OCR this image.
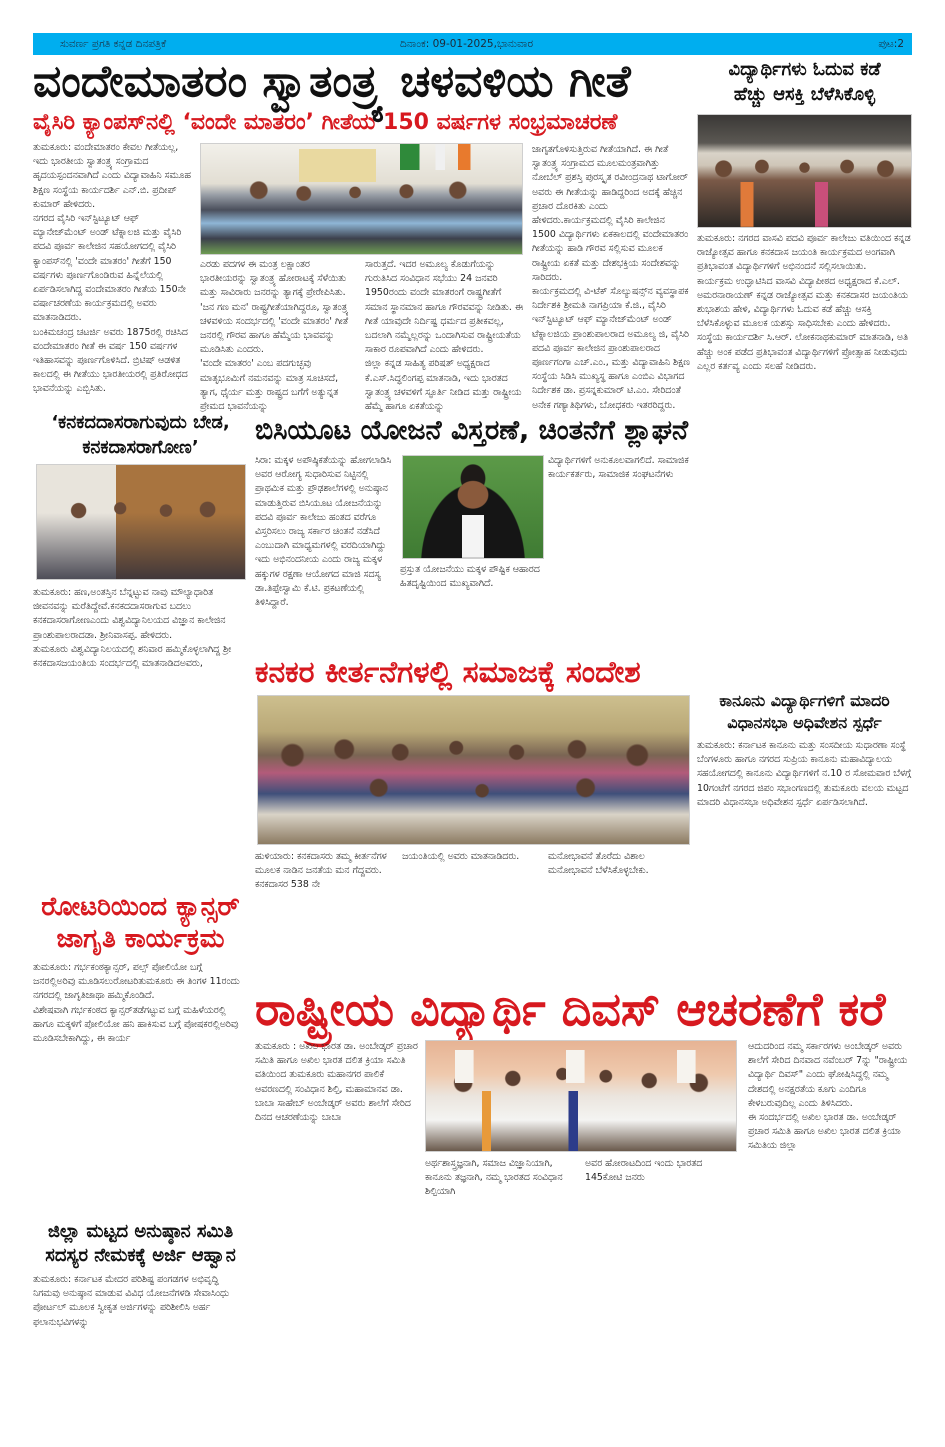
ಸುವರ್ಣ ಪ್ರಗತಿ ಕನ್ನಡ ದಿನಪತ್ರಿಕೆ	ದಿನಾಂಕ: 09-01-2025,ಭಾನುವಾರ	ಪುಟ:2
ವಂದೇಮಾತರಂ ಸ್ವಾತಂತ್ರ್ಯ ಚಳವಳಿಯ ಗೀತೆ
ವೈಸಿರಿ ಕ್ಯಾಂಪಸ್‌ನಲ್ಲಿ ‘ವಂದೇ ಮಾತರಂ’ ಗೀತೆಯ 150 ವರ್ಷಗಳ ಸಂಭ್ರಮಾಚರಣೆ

ತುಮಕೂರು: ವಂದೇಮಾತರಂ ಕೇವಲ ಗೀತೆಯಲ್ಲ, ಇದು ಭಾರತೀಯ ಸ್ವಾತಂತ್ರ್ಯ ಸಂಗ್ರಾಮದ ಹೃದಯಸ್ಪಂದನವಾಗಿದೆ ಎಂದು ವಿದ್ಯಾವಾಹಿನಿ ಸಮೂಹ ಶಿಕ್ಷಣ ಸಂಸ್ಥೆಯ ಕಾರ್ಯದರ್ಶಿ ಎನ್.ಬಿ. ಪ್ರದೀಪ್ ಕುಮಾರ್ ಹೇಳಿದರು.

ನಗರದ ವೈಸಿರಿ ಇನ್‌ಸ್ಟಿಟ್ಯೂಟ್ ಆಫ್ ಮ್ಯಾನೇಜ್‌ಮೆಂಟ್ ಅಂಡ್ ಟೆಕ್ನಾಲಜಿ ಮತ್ತು ವೈಸಿರಿ ಪದವಿ ಪೂರ್ವ ಕಾಲೇಜಿನ ಸಹಯೋಗದಲ್ಲಿ ವೈಸಿರಿ ಕ್ಯಾಂಪಸ್‌ನಲ್ಲಿ 'ವಂದೇ ಮಾತರಂ' ಗೀತೆಗೆ 150 ವರ್ಷಗಳು ಪೂರ್ಣಗೊಂಡಿರುವ ಹಿನ್ನೆಲೆಯಲ್ಲಿ ಏರ್ಪಡಿಸಲಾಗಿದ್ದ ವಂದೇಮಾತರಂ ಗೀತೆಯ 150ನೇ ವರ್ಷಾಚರಣೆಯ ಕಾರ್ಯಕ್ರಮದಲ್ಲಿ ಅವರು ಮಾತನಾಡಿದರು.

ಬಂಕಿಮಚಂದ್ರ ಚಟರ್ಜಿ ಅವರು 1875ರಲ್ಲಿ ರಚಿಸಿದ ವಂದೇಮಾತರಂ ಗೀತೆ ಈ ವರ್ಷ 150 ವರ್ಷಗಳ ಇತಿಹಾಸವನ್ನು ಪೂರ್ಣಗೊಳಿಸಿದೆ. ಬ್ರಿಟಿಷ್ ಆಡಳಿತ ಕಾಲದಲ್ಲಿ ಈ ಗೀತೆಯು ಭಾರತೀಯರಲ್ಲಿ ಪ್ರತಿರೋಧದ ಭಾವನೆಯನ್ನು ಎಬ್ಬಿಸಿತು.

ಎರಡು ಪದಗಳ ಈ ಮಂತ್ರ ಲಕ್ಷಾಂತರ ಭಾರತೀಯರನ್ನು ಸ್ವಾತಂತ್ರ್ಯ ಹೋರಾಟಕ್ಕೆ ಸೆಳೆಯಿತು ಮತ್ತು ಸಾವಿರಾರು ಜನರನ್ನು ತ್ಯಾಗಕ್ಕೆ ಪ್ರೇರೇಪಿಸಿತು. 'ಜನ ಗಣ ಮನ' ರಾಷ್ಟ್ರಗೀತೆಯಾಗಿದ್ದರೂ, ಸ್ವಾತಂತ್ರ್ಯ ಚಳವಳಿಯ ಸಂದರ್ಭದಲ್ಲಿ 'ವಂದೇ ಮಾತರಂ' ಗೀತೆ ಜನರಲ್ಲಿ ಗೌರವ ಹಾಗೂ ಹೆಮ್ಮೆಯ ಭಾವವನ್ನು ಮೂಡಿಸಿತು ಎಂದರು.

'ವಂದೇ ಮಾತರಂ' ಎಂಬ ಪದಗುಚ್ಛವು ಮಾತೃಭೂಮಿಗೆ ನಮನವನ್ನು ಮಾತ್ರ ಸೂಚಿಸದೆ, ತ್ಯಾಗ, ಧೈರ್ಯ ಮತ್ತು ರಾಷ್ಟ್ರದ ಬಗೆಗೆ ಅತ್ಯುನ್ನತ ಪ್ರೇಮದ ಭಾವನೆಯನ್ನು

ಸಾರುತ್ತದೆ. ಇದರ ಅಮೂಲ್ಯ ಕೊಡುಗೆಯನ್ನು ಗುರುತಿಸಿದ ಸಂವಿಧಾನ ಸಭೆಯು 24 ಜನವರಿ 1950ರಂದು ವಂದೇ ಮಾತರಂಗೆ ರಾಷ್ಟ್ರಗೀತೆಗೆ ಸಮಾನ ಸ್ಥಾನಮಾನ ಹಾಗೂ ಗೌರವವನ್ನು ನೀಡಿತು. ಈ ಗೀತೆ ಯಾವುದೇ ನಿರ್ದಿಷ್ಟ ಧರ್ಮದ ಪ್ರತೀಕವಲ್ಲ, ಬದಲಾಗಿ ನಮ್ಮೆಲ್ಲರನ್ನು ಒಂದಾಗಿಸುವ ರಾಷ್ಟ್ರೀಯತೆಯ ಸಾಕಾರ ರೂಪವಾಗಿದೆ ಎಂದು ಹೇಳಿದರು.

ಜಿಲ್ಲಾ ಕನ್ನಡ ಸಾಹಿತ್ಯ ಪರಿಷತ್ ಅಧ್ಯಕ್ಷರಾದ ಕೆ.ಎಸ್.ಸಿದ್ಧಲಿಂಗಪ್ಪ ಮಾತನಾಡಿ, ಇದು ಭಾರತದ ಸ್ವಾತಂತ್ರ್ಯ ಚಳವಳಿಗೆ ಸ್ಫೂರ್ತಿ ನೀಡಿದ ಮತ್ತು ರಾಷ್ಟ್ರೀಯ ಹೆಮ್ಮೆ ಹಾಗೂ ಏಕತೆಯನ್ನು

ಜಾಗೃತಗೊಳಿಸುತ್ತಿರುವ ಗೀತೆಯಾಗಿದೆ. ಈ ಗೀತೆ ಸ್ವಾತಂತ್ರ್ಯ ಸಂಗ್ರಾಮದ ಮೂಲಮಂತ್ರವಾಗಿತ್ತು ನೋಬೆಲ್ ಪ್ರಶಸ್ತಿ ಪುರಸ್ಕೃತ ರವೀಂದ್ರನಾಥ ಟಾಗೋರ್ ಅವರು ಈ ಗೀತೆಯನ್ನು ಹಾಡಿದ್ದರಿಂದ ಅದಕ್ಕೆ ಹೆಚ್ಚಿನ ಪ್ರಚಾರ ದೊರಕಿತು ಎಂದು ಹೇಳಿದರು.ಕಾರ್ಯಕ್ರಮದಲ್ಲಿ ವೈಸಿರಿ ಕಾಲೇಜಿನ 1500 ವಿದ್ಯಾರ್ಥಿಗಳು ಏಕಕಾಲದಲ್ಲಿ ವಂದೇಮಾತರಂ ಗೀತೆಯನ್ನು ಹಾಡಿ ಗೌರವ ಸಲ್ಲಿಸುವ ಮೂಲಕ ರಾಷ್ಟ್ರೀಯ ಏಕತೆ ಮತ್ತು ದೇಶಭಕ್ತಿಯ ಸಂದೇಶವನ್ನು ಸಾರಿದರು.

ಕಾರ್ಯಕ್ರಮದಲ್ಲಿ ವಿ-ಟೆಕ್ ಸೊಲ್ಯುಷನ್ಸ್‌ನ ವ್ಯವಸ್ಥಾಪಕ ನಿರ್ದೇಶಕಿ ಶ್ರೀಮತಿ ನಾಗಪ್ರಿಯಾ ಕೆ.ಜಿ., ವೈಸಿರಿ ಇನ್‌ಸ್ಟಿಟ್ಯೂಟ್ ಆಫ್ ಮ್ಯಾನೇಜ್‌ಮೆಂಟ್ ಅಂಡ್ ಟೆಕ್ನಾಲಜಿಯ ಪ್ರಾಂಶುಪಾಲರಾದ ಅಮೂಲ್ಯ ಜಿ, ವೈಸಿರಿ ಪದವಿ ಪೂರ್ವ ಕಾಲೇಜಿನ ಪ್ರಾಂಶುಪಾಲರಾದ ಪೂರ್ಣಗಂಗಾ ಎಚ್.ಎಂ., ಮತ್ತು ವಿದ್ಯಾವಾಹಿನಿ ಶಿಕ್ಷಣ ಸಂಸ್ಥೆಯ ಸಿಡಿಸಿ ಮುಖ್ಯಸ್ಥ ಹಾಗೂ ಎಂಬಿಎ ವಿಭಾಗದ ನಿರ್ದೇಶಕ ಡಾ. ಪ್ರಸನ್ನಕುಮಾರ್ ಟಿ.ಎಂ. ಸೇರಿದಂತೆ ಅನೇಕ ಗಣ್ಯಾತಿಥಿಗಳು, ಬೋಧಕರು ಇತರರಿದ್ದರು.

ವಿದ್ಯಾರ್ಥಿಗಳು ಓದುವ ಕಡೆ
ಹೆಚ್ಚು ಆಸಕ್ತಿ ಬೆಳೆಸಿಕೊಳ್ಳಿ

ತುಮಕೂರು: ನಗರದ ವಾಸವಿ ಪದವಿ ಪೂರ್ವ ಕಾಲೇಜು ವತಿಯಿಂದ ಕನ್ನಡ ರಾಜ್ಯೋತ್ಸವ ಹಾಗೂ ಕನಕದಾಸ ಜಯಂತಿ ಕಾರ್ಯಕ್ರಮದ ಅಂಗವಾಗಿ ಪ್ರತಿಭಾವಂತ ವಿದ್ಯಾರ್ಥಿಗಳಿಗೆ ಅಭಿನಂದನೆ ಸಲ್ಲಿಸಲಾಯಿತು.

ಕಾರ್ಯಕ್ರಮ ಉದ್ಘಾಟಿಸಿದ ವಾಸವಿ ವಿದ್ಯಾಪೀಠದ ಅಧ್ಯಕ್ಷರಾದ ಕೆ.ಎಲ್. ಅಮರನಾರಾಯಣ್ ಕನ್ನಡ ರಾಜ್ಯೋತ್ಸವ ಮತ್ತು ಕನಕದಾಸರ ಜಯಂತಿಯ ಶುಭಾಶಯ ಹೇಳಿ, ವಿದ್ಯಾರ್ಥಿಗಳು ಓದುವ ಕಡೆ ಹೆಚ್ಚು ಆಸಕ್ತಿ ಬೆಳೆಸಿಕೊಳ್ಳುವ ಮೂಲಕ ಯಶಸ್ಸು ಸಾಧಿಸಬೇಕು ಎಂದು ಹೇಳಿದರು.

ಸಂಸ್ಥೆಯ ಕಾರ್ಯದರ್ಶಿ ಸಿ.ಆರ್. ಲೋಕನಾಥಕುಮಾರ್ ಮಾತನಾಡಿ, ಅತಿ ಹೆಚ್ಚು ಅಂಕ ಪಡೆದ ಪ್ರತಿಭಾವಂತ ವಿದ್ಯಾರ್ಥಿಗಳಿಗೆ ಪ್ರೋತ್ಸಾಹ ನೀಡುವುದು ಎಲ್ಲರ ಕರ್ತವ್ಯ ಎಂದು ಸಲಹೆ ನೀಡಿದರು.

‘ಕನಕದದಾಸರಾಗುವುದು ಬೇಡ,
ಕನಕದಾಸರಾಗೋಣ’

ತುಮಕೂರು: ಹಣ,ಅಂತಸ್ತಿನ ಬೆನ್ನಟ್ಟುವ ನಾವು ಮೌಲ್ಯಾಧಾರಿತ ಜೀವನವನ್ನು ಮರೆತಿದ್ದೇವೆ.ಕನಕದದಾಸರಾಗುವ ಬದಲು ಕನಕದಾಸರಾಗೋಣಎಂದು ವಿಶ್ವವಿದ್ಯಾನಿಲಯದ ವಿಜ್ಞಾನ ಕಾಲೇಜಿನ ಪ್ರಾಂಶುಪಾಲರಾದಡಾ. ಶ್ರೀನಿವಾಸಪ್ಪ. ಹೇಳಿದರು.

ತುಮಕೂರು ವಿಶ್ವವಿದ್ಯಾನಿಲಯದಲ್ಲಿ ಶನಿವಾರ ಹಮ್ಮಿಕೊಳ್ಳಲಾಗಿದ್ದ ಶ್ರೀ ಕನಕದಾಸಜಯಂತಿಯ ಸಂದರ್ಭದಲ್ಲಿ ಮಾತನಾಡಿದಅವರು,

ಬಿಸಿಯೂಟ ಯೋಜನೆ ವಿಸ್ತರಣೆ, ಚಿಂತನೆಗೆ ಶ್ಲಾಘನೆ

ಸಿರಾ: ಮಕ್ಕಳ ಅಪೌಷ್ಠಿಕತೆಯನ್ನು ಹೋಗಲಾಡಿಸಿ ಅವರ ಆರೋಗ್ಯ ಸುಧಾರಿಸುವ ನಿಟ್ಟಿನಲ್ಲಿ ಪ್ರಾಥಮಿಕ ಮತ್ತು ಪ್ರೌಢಶಾಲೆಗಳಲ್ಲಿ ಅನುಷ್ಠಾನ ಮಾಡುತ್ತಿರುವ ಬಿಸಿಯೂಟ ಯೋಜನೆಯನ್ನು ಪದವಿ ಪೂರ್ವ ಕಾಲೇಜು ಹಂತದ ವರೆಗೂ ವಿಸ್ತರಿಸಲು ರಾಜ್ಯ ಸರ್ಕಾರ ಚಿಂತನೆ ನಡೆಸಿದೆ ಎಂಬುದಾಗಿ ಮಾಧ್ಯಮಗಳಲ್ಲಿ ವರದಿಯಾಗಿದ್ದು ಇದು ಅಭಿನಂದನೀಯ ಎಂದು ರಾಜ್ಯ ಮಕ್ಕಳ ಹಕ್ಕುಗಳ ರಕ್ಷಣಾ ಆಯೋಗದ ಮಾಜಿ ಸದಸ್ಯ ಡಾ.ತಿಪ್ಪೇಸ್ವಾಮಿ ಕೆ.ಟಿ. ಪ್ರಕಟಣೆಯಲ್ಲಿ ತಿಳಿಸಿದ್ದಾರೆ.

ಪ್ರಸ್ತುತ ಯೋಜನೆಯು ಮಕ್ಕಳ ಪೌಷ್ಟಿಕ ಆಹಾರದ ಹಿತದೃಷ್ಟಿಯಿಂದ ಮುಖ್ಯವಾಗಿದೆ.

ವಿದ್ಯಾರ್ಥಿಗಳಿಗೆ ಅನುಕೂಲವಾಗಲಿದೆ. ಸಾಮಾಜಿಕ ಕಾರ್ಯಕರ್ತರು, ಸಾಮಾಜಿಕ ಸಂಘಟನೆಗಳು

ಕನಕರ ಕೀರ್ತನೆಗಳಲ್ಲಿ ಸಮಾಜಕ್ಕೆ ಸಂದೇಶ

ಹುಳಿಯಾರು: ಕನಕದಾಸರು ತಮ್ಮ ಕೀರ್ತನೆಗಳ ಮೂಲಕ ನಾಡಿನ ಜನತೆಯ ಮನ ಗೆದ್ದವರು.

ಕನಕದಾಸರ 538 ನೇ

ಜಯಂತಿಯಲ್ಲಿ ಅವರು ಮಾತನಾಡಿದರು.	ಮನೋಭಾವನೆ ತೊರೆದು ವಿಶಾಲ ಮನೋಭಾವನೆ ಬೆಳೆಸಿಕೊಳ್ಳಬೇಕು.

ಕಾನೂನು ವಿದ್ಯಾರ್ಥಿಗಳಿಗೆ ಮಾದರಿ
ವಿಧಾನಸಭಾ ಅಧಿವೇಶನ ಸ್ಪರ್ಧೆ

ತುಮಕೂರು: ಕರ್ನಾಟಕ ಕಾನೂನು ಮತ್ತು ಸಂಸದೀಯ ಸುಧಾರಣಾ ಸಂಸ್ಥೆ ಬೆಂಗಳೂರು ಹಾಗೂ ನಗರದ ಸುಪ್ರಿಯ ಕಾನೂನು ಮಹಾವಿದ್ಯಾಲಯ ಸಹಯೋಗದಲ್ಲಿ ಕಾನೂನು ವಿದ್ಯಾರ್ಥಿಗಳಿಗೆ ನ.10 ರ ಸೋಮವಾರ ಬೆಳಗ್ಗೆ 10ಗಂಟೆಗೆ ನಗರದ ಜಿಪಂ ಸಭಾಂಗಣದಲ್ಲಿ ತುಮಕೂರು ವಲಯ ಮಟ್ಟದ ಮಾದರಿ ವಿಧಾನಸಭಾ ಅಧಿವೇಶನ ಸ್ಪರ್ಧೆ ಏರ್ಪಡಿಸಲಾಗಿದೆ.

ರೋಟರಿಯಿಂದ ಕ್ಯಾನ್ಸರ್
ಜಾಗೃತಿ ಕಾರ್ಯಕ್ರಮ

ತುಮಕೂರು: ಗರ್ಭಕಂಠಕ್ಯಾನ್ಸರ್, ಪಲ್ಸ್ ಪೋಲಿಯೋ ಬಗ್ಗೆ ಜನರಲ್ಲಿಅರಿವು ಮೂಡಿಸಲುರೋಟರಿತುಮಕೂರು ಈ ತಿಂಗಳ 11ರಂದು ನಗರದಲ್ಲಿ ಜಾಗೃತಿಜಾಥಾ ಹಮ್ಮಿಕೊಂಡಿದೆ.

ವಿಶೇಷವಾಗಿ ಗರ್ಭಕಂಠದ ಕ್ಯಾನ್ಸರ್‌ತಡೆಗಟ್ಟುವ ಬಗ್ಗೆ ಮಹಿಳೆಯರಲ್ಲಿ ಹಾಗೂ ಮಕ್ಕಳಿಗೆ ಪೋಲಿಯೋ ಹನಿ ಹಾಕಿಸುವ ಬಗ್ಗೆ ಪೋಷಕರಲ್ಲಿಅರಿವು ಮೂಡಿಸಬೇಕಾಗಿದ್ದು, ಈ ಕಾರ್ಯ

ರಾಷ್ಟ್ರೀಯ ವಿದ್ಯಾರ್ಥಿ ದಿವಸ್ ಆಚರಣೆಗೆ ಕರೆ

ತುಮಕೂರು : ಅಖಿಲ ಭಾರತ ಡಾ. ಅಂಬೇಡ್ಕರ್ ಪ್ರಚಾರ ಸಮಿತಿ ಹಾಗೂ ಅಖಿಲ ಭಾರತ ದಲಿತ ಕ್ರಿಯಾ ಸಮಿತಿ ವತಿಯಿಂದ ತುಮಕೂರು ಮಹಾನಗರ ಪಾಲಿಕೆ ಆವರಣದಲ್ಲಿ ಸಂವಿಧಾನ ಶಿಲ್ಪಿ, ಮಹಾಮಾನವ ಡಾ. ಬಾಬಾ ಸಾಹೇಬ್ ಅಂಬೇಡ್ಕರ್ ಅವರು ಶಾಲೆಗೆ ಸೇರಿದ ದಿನದ ಆಚರಣೆಯನ್ನು ಬಾಬಾ

ಅರ್ಥಶಾಸ್ತ್ರಜ್ಞನಾಗಿ, ಸಮಾಜ ವಿಜ್ಞಾನಿಯಾಗಿ, ಕಾನೂನು ತಜ್ಞನಾಗಿ, ನಮ್ಮ ಭಾರತದ ಸಂವಿಧಾನ ಶಿಲ್ಪಿಯಾಗಿ

ಅವರ ಹೋರಾಟದಿಂದ ಇಂದು ಭಾರತದ 145ಕೋಟಿ ಜನರು

ಆದುದರಿಂದ ನಮ್ಮ ಸರ್ಕಾರಗಳು ಅಂಬೇಡ್ಕರ್ ಅವರು ಶಾಲೆಗೆ ಸೇರಿದ ದಿನವಾದ ನವೆಂಬರ್ 7ನ್ನು "ರಾಷ್ಟ್ರೀಯ ವಿದ್ಯಾರ್ಥಿ ದಿವಸ್" ಎಂದು ಘೋಷಿಸಿದ್ದಲ್ಲಿ ನಮ್ಮ ದೇಶದಲ್ಲಿ ಅನಕ್ಷರತೆಯ ಕೂಗು ಎಂದಿಗೂ ಕೇಳಬರುವುದಿಲ್ಲ ಎಂದು ತಿಳಿಸಿದರು.

ಈ ಸಂದರ್ಭದಲ್ಲಿ ಅಖಿಲ ಭಾರತ ಡಾ. ಅಂಬೇಡ್ಕರ್ ಪ್ರಚಾರ ಸಮಿತಿ ಹಾಗೂ ಅಖಿಲ ಭಾರತ ದಲಿತ ಕ್ರಿಯಾ ಸಮಿತಿಯ ಜಿಲ್ಲಾ

ಜಿಲ್ಲಾ ಮಟ್ಟದ ಅನುಷ್ಠಾನ ಸಮಿತಿ
ಸದಸ್ಯರ ನೇಮಕಕ್ಕೆ ಅರ್ಜಿ ಆಹ್ವಾನ

ತುಮಕೂರು: ಕರ್ನಾಟಕ ಮೇದರ ಪರಿಶಿಷ್ಟ ಪಂಗಡಗಳ ಅಭಿವೃದ್ಧಿ ನಿಗಮವು ಅನುಷ್ಠಾನ ಮಾಡುವ ವಿವಿಧ ಯೋಜನೆಗಳಡಿ ಸೇವಾಸಿಂಧು ಪೋರ್ಟಲ್ ಮೂಲಕ ಸ್ವೀಕೃತ ಅರ್ಜಿಗಳನ್ನು ಪರಿಶೀಲಿಸಿ ಅರ್ಹ ಫಲಾನುಭವಿಗಳನ್ನು
